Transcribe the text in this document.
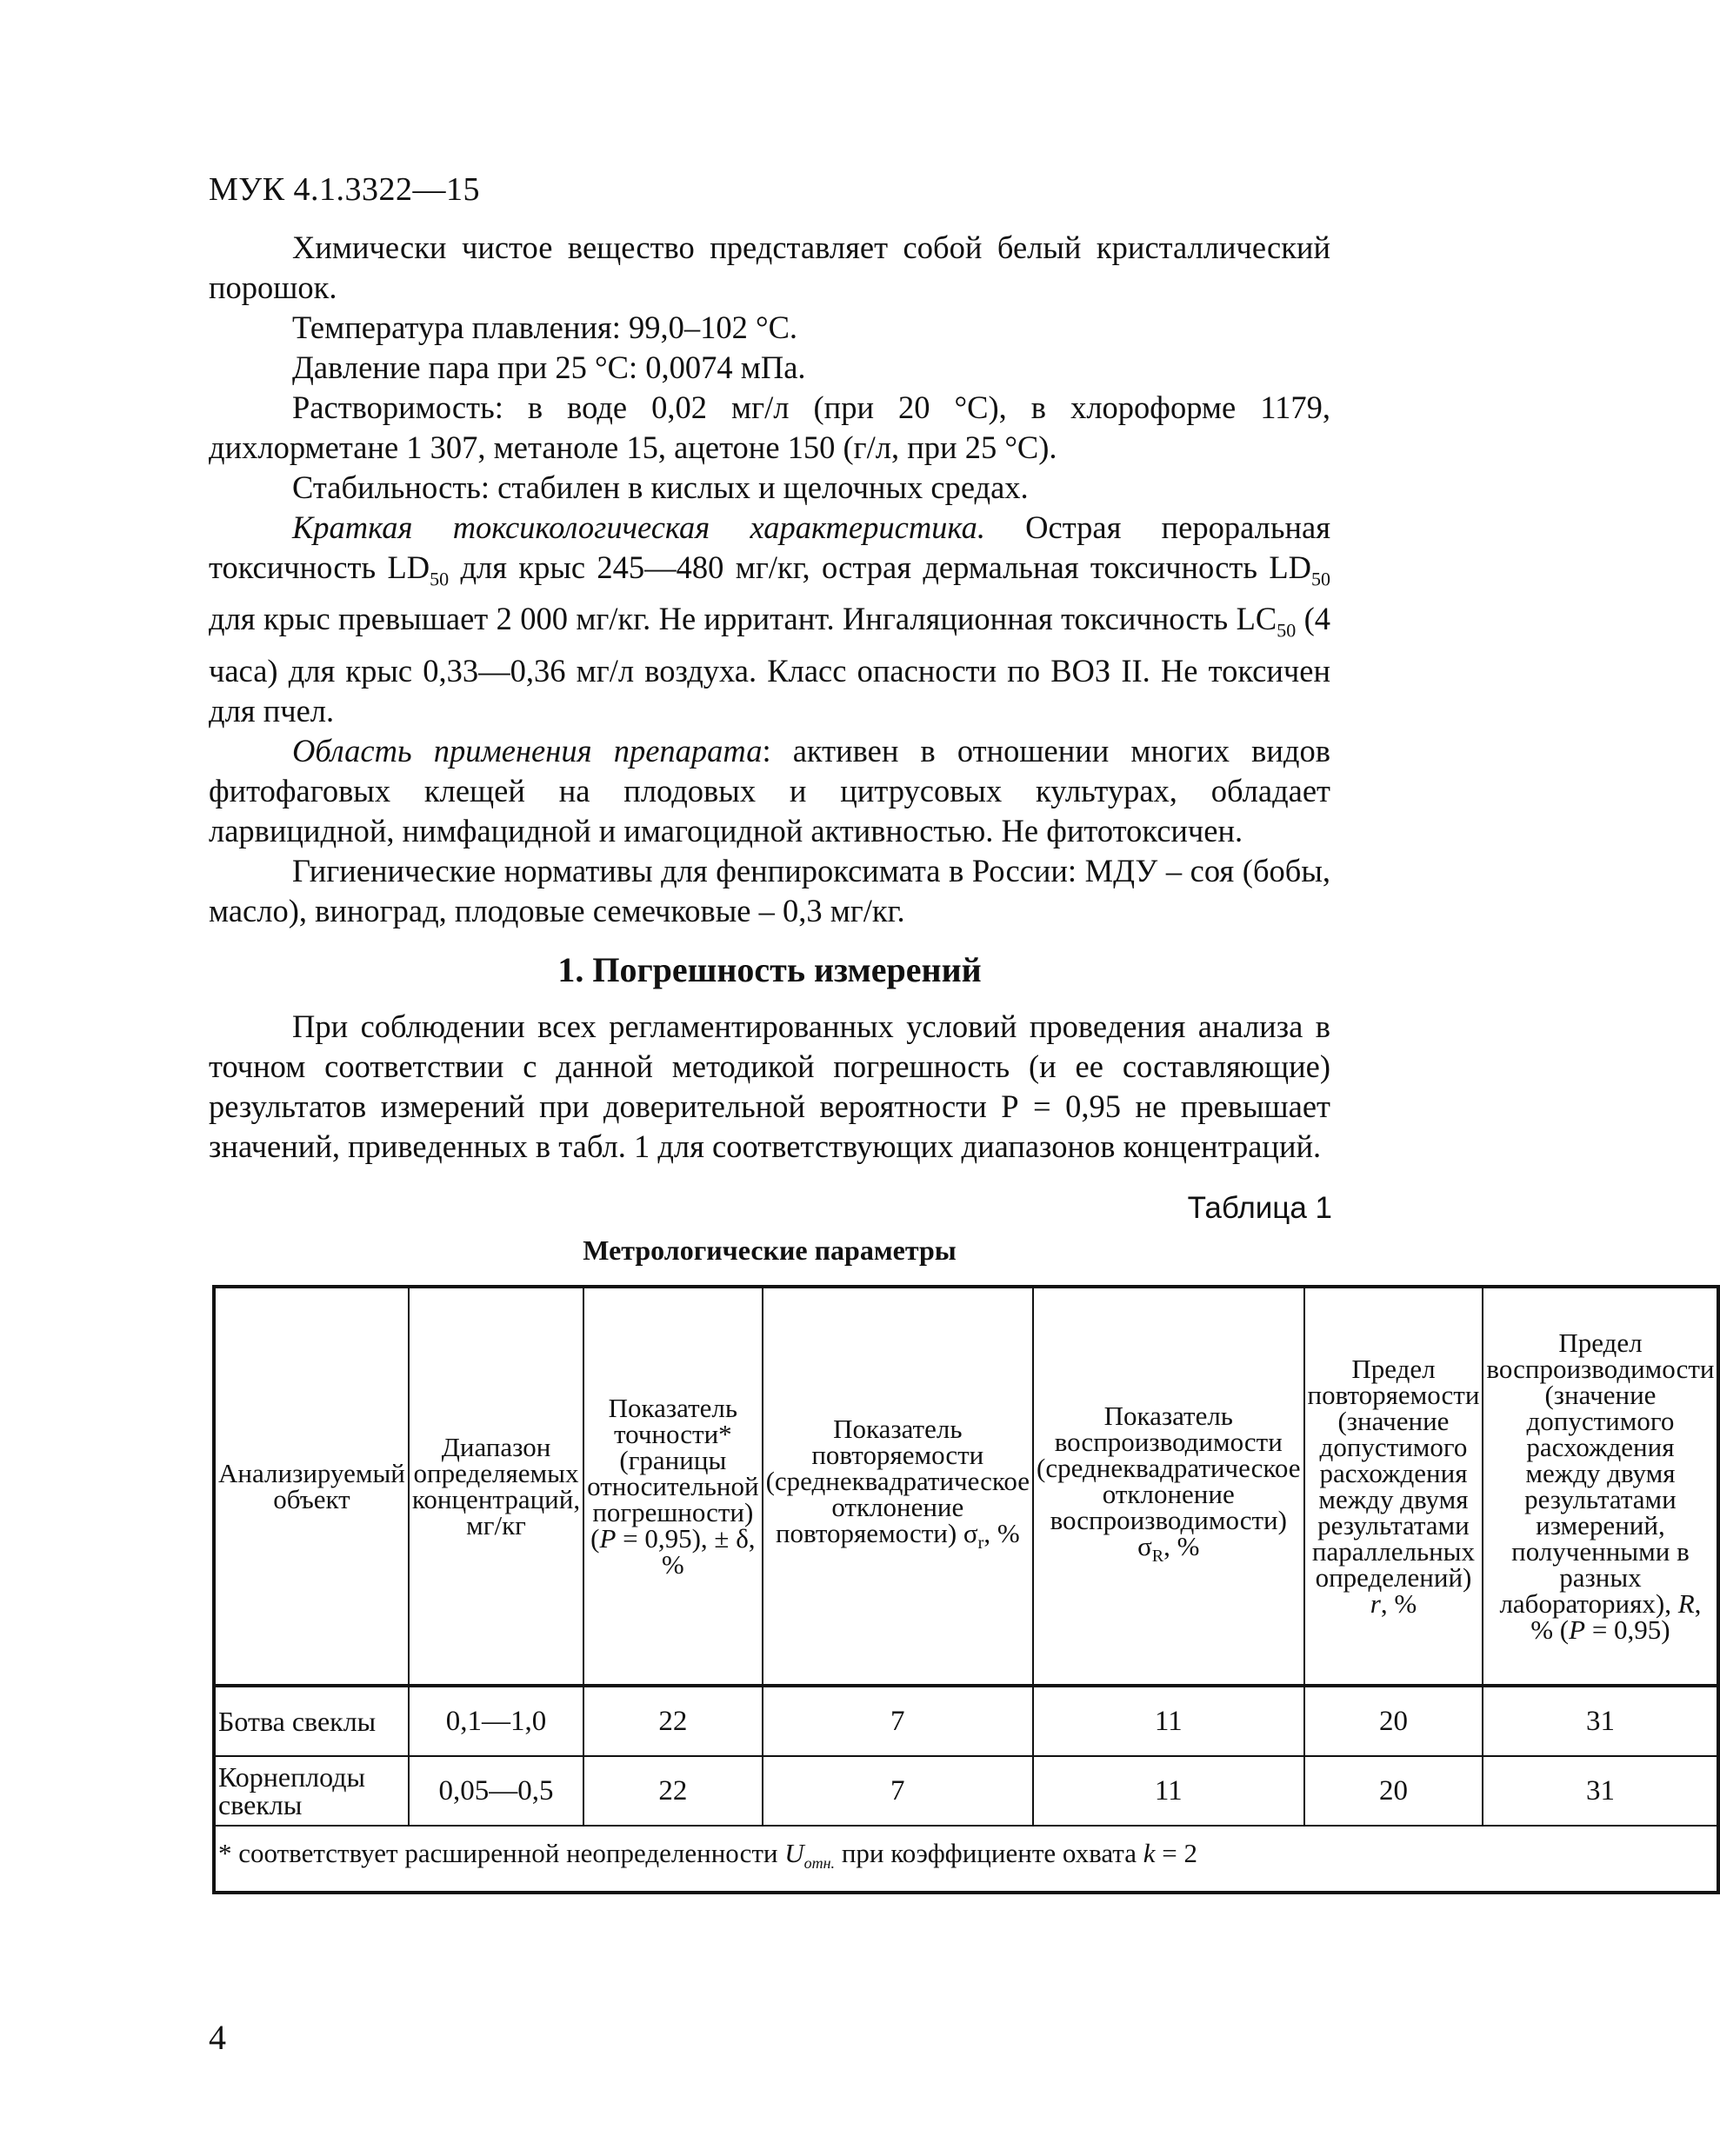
МУК 4.1.3322—15

Химически чистое вещество представляет собой белый кристаллический порошок.

Температура плавления: 99,0–102 °С.

Давление пара при 25 °С: 0,0074 мПа.

Растворимость: в воде 0,02 мг/л (при 20 °С), в хлороформе 1179, дихлорметане 1 307, метаноле 15, ацетоне 150 (г/л, при 25 °С).

Стабильность: стабилен в кислых и щелочных средах.

Краткая токсикологическая характеристика. Острая пероральная токсичность $LD_{50}$ для крыс 245—480 мг/кг, острая дермальная токсичность $LD_{50}$ для крыс превышает 2 000 мг/кг. Не ирритант. Ингаляционная токсичность $LC_{50}$ (4 часа) для крыс 0,33—0,36 мг/л воздуха. Класс опасности по ВОЗ II. Не токсичен для пчел.

Область применения препарата: активен в отношении многих видов фитофаговых клещей на плодовых и цитрусовых культурах, обладает ларвицидной, нимфацидной и имагоцидной активностью. Не фитотоксичен.

Гигиенические нормативы для фенпироксимата в России: МДУ – соя (бобы, масло), виноград, плодовые семечковые – 0,3 мг/кг.

1. Погрешность измерений

При соблюдении всех регламентированных условий проведения анализа в точном соответствии с данной методикой погрешность (и ее составляющие) результатов измерений при доверительной вероятности Р = 0,95 не превышает значений, приведенных в табл. 1 для соответствующих диапазонов концентраций.

Таблица 1
Метрологические параметры
Анализируемый объект	Диапазон определяемых концентраций, мг/кг	Показатель точности* (границы относительной погрешности) (P = 0,95), ± δ, %	Показатель повторяемости (среднеквадратическое отклонение повторяемости) $\sigma_r$, %	Показатель воспроизводимости (среднеквадратическое отклонение воспроизводимости) $\sigma_R$, %	Предел повторяемости (значение допустимого расхождения между двумя результатами параллельных определений) r, %	Предел воспроизводимости (значение допустимого расхождения между двумя результатами измерений, полученными в разных лабораториях), R, % (P = 0,95)
Ботва свеклы	0,1—1,0	22	7	11	20	31
Корнеплоды свеклы	0,05—0,5	22	7	11	20	31
* соответствует расширенной неопределенности $U_{отн.}$ при коэффициенте охвата k = 2						
4
